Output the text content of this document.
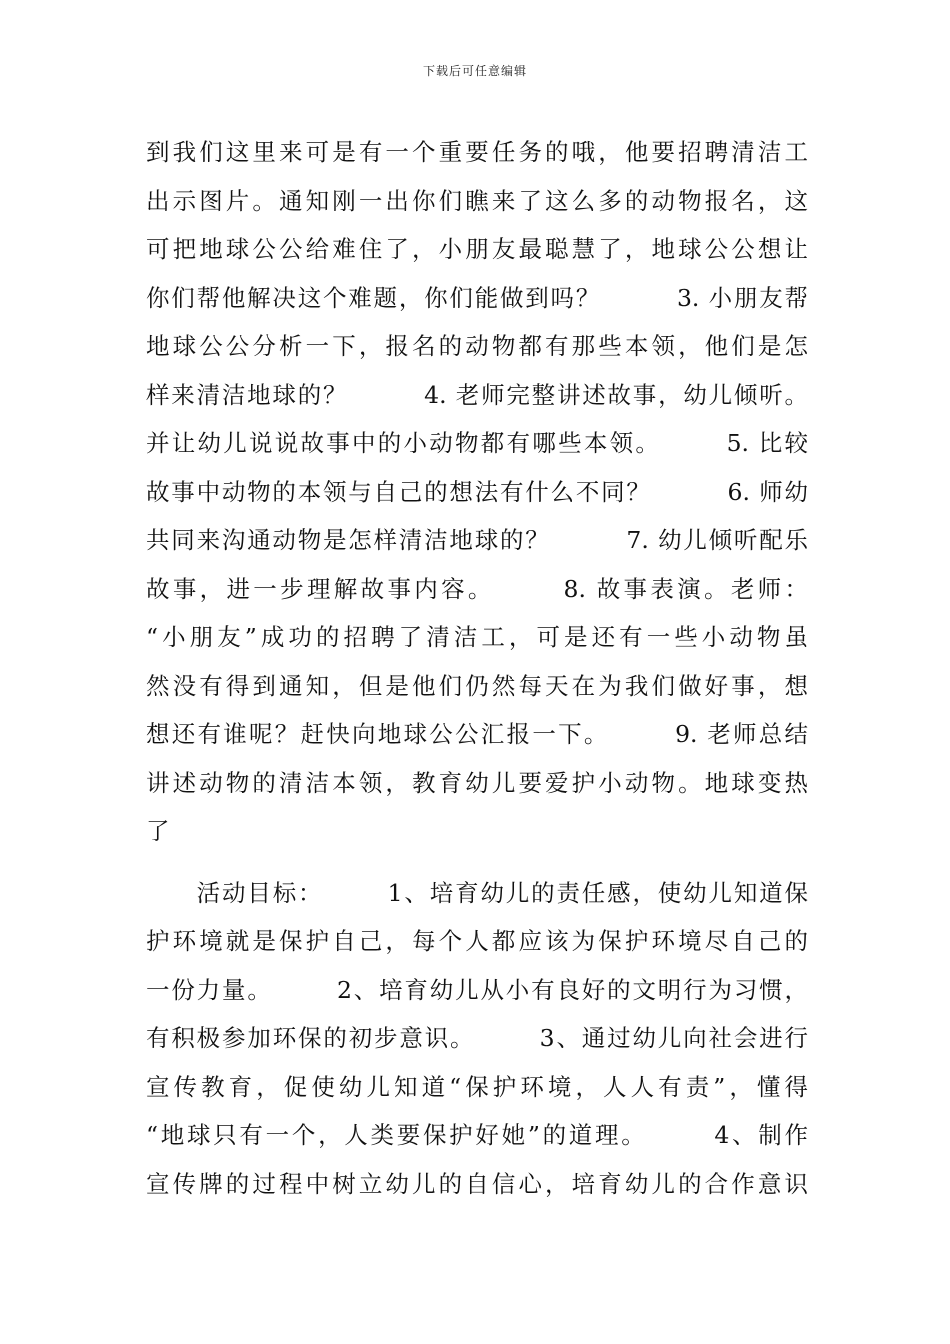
下载后可任意编辑
到我们这里来可是有一个重要任务的哦，他要招聘清洁工
出示图片。通知刚一出你们瞧来了这么多的动物报名，这
可把地球公公给难住了，小朋友最聪慧了，地球公公想让
你们帮他解决这个难题，你们能做到吗？　　　3. 小朋友帮
地球公公分析一下，报名的动物都有那些本领，他们是怎
样来清洁地球的？　　　4. 老师完整讲述故事，幼儿倾听。
并让幼儿说说故事中的小动物都有哪些本领。　　　5. 比较
故事中动物的本领与自己的想法有什么不同？　　　6. 师幼
共同来沟通动物是怎样清洁地球的？　　　7. 幼儿倾听配乐
故事，进一步理解故事内容。　　　8. 故事表演。老师：
“小朋友”成功的招聘了清洁工，可是还有一些小动物虽
然没有得到通知，但是他们仍然每天在为我们做好事，想
想还有谁呢？赶快向地球公公汇报一下。　　　9. 老师总结
讲述动物的清洁本领，教育幼儿要爱护小动物。地球变热
了
　　活动目标：　　　1、培育幼儿的责任感，使幼儿知道保
护环境就是保护自己，每个人都应该为保护环境尽自己的
一份力量。　　　2、培育幼儿从小有良好的文明行为习惯，
有积极参加环保的初步意识。　　　3、通过幼儿向社会进行
宣传教育，促使幼儿知道“保护环境，人人有责”，懂得
“地球只有一个，人类要保护好她”的道理。　　　4、制作
宣传牌的过程中树立幼儿的自信心，培育幼儿的合作意识
